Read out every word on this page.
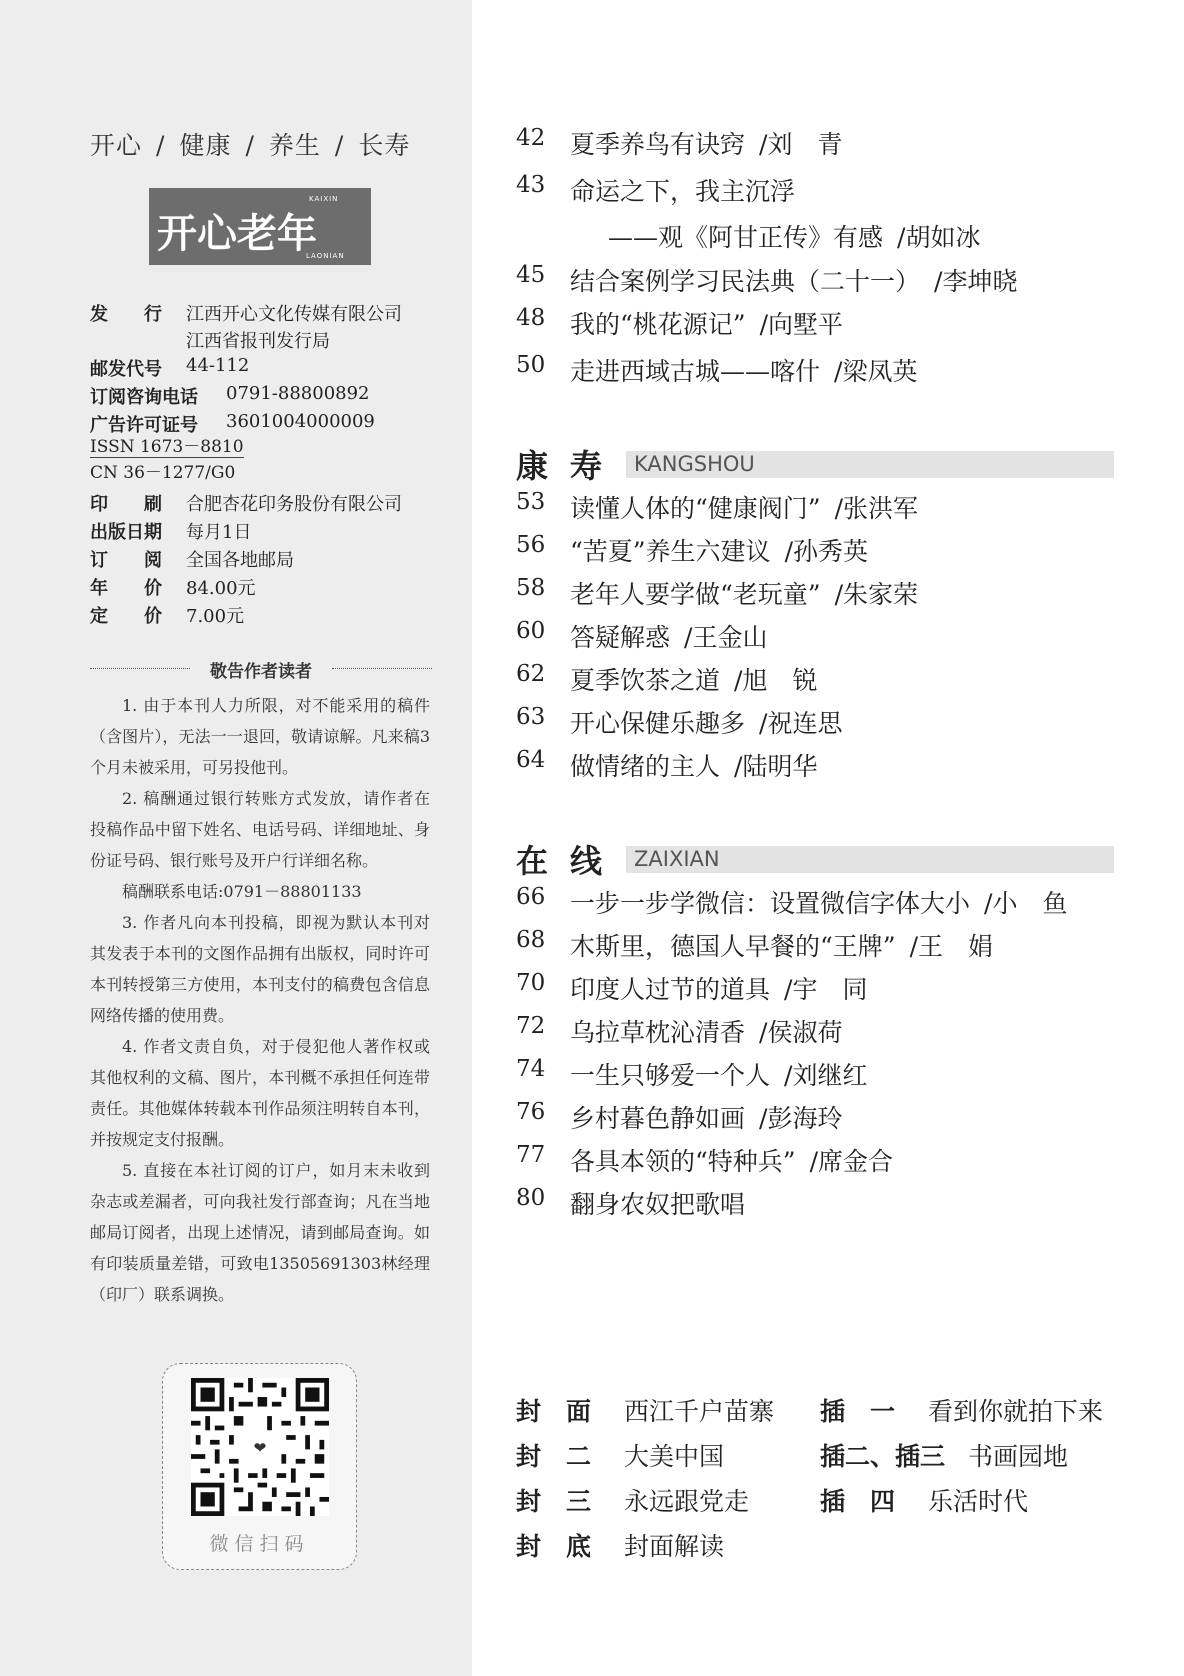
开心 / 健康 / 养生 / 长寿
KAIXIN
开心老年
LAONIAN
发　　行 江西开心文化传媒有限公司
江西省报刊发行局
邮发代号 44-112
订阅咨询电话 0791-88800892
广告许可证号 3601004000009
ISSN 1673－8810
CN 36－1277/G0
印　　刷 合肥杏花印务股份有限公司
出版日期 每月1日
订　　阅 全国各地邮局
年　　价 84.00元
定　　价 7.00元
敬告作者读者

1. 由于本刊人力所限，对不能采用的稿件（含图片），无法一一退回，敬请谅解。凡来稿3个月未被采用，可另投他刊。

2. 稿酬通过银行转账方式发放，请作者在投稿作品中留下姓名、电话号码、详细地址、身份证号码、银行账号及开户行详细名称。

稿酬联系电话:0791－88801133

3. 作者凡向本刊投稿，即视为默认本刊对其发表于本刊的文图作品拥有出版权，同时许可本刊转授第三方使用，本刊支付的稿费包含信息网络传播的使用费。

4. 作者文责自负，对于侵犯他人著作权或其他权利的文稿、图片，本刊概不承担任何连带责任。其他媒体转载本刊作品须注明转自本刊，并按规定支付报酬。

5. 直接在本社订阅的订户，如月末未收到杂志或差漏者，可向我社发行部查询；凡在当地邮局订阅者，出现上述情况，请到邮局查询。如有印装质量差错，可致电13505691303林经理（印厂）联系调换。

❤
微信扫码
42 夏季养鸟有诀窍 /刘　青
43 命运之下，我主沉浮
——观《阿甘正传》有感 /胡如冰
45 结合案例学习民法典（二十一） /李坤晓
48 我的“桃花源记” /向墅平
50 走进西域古城——喀什 /梁凤英
康寿 KANGSHOU
53 读懂人体的“健康阀门” /张洪军
56 “苦夏”养生六建议 /孙秀英
58 老年人要学做“老玩童” /朱家荣
60 答疑解惑 /王金山
62 夏季饮茶之道 /旭　锐
63 开心保健乐趣多 /祝连思
64 做情绪的主人 /陆明华
在线 ZAIXIAN
66 一步一步学微信：设置微信字体大小 /小　鱼
68 木斯里，德国人早餐的“王牌” /王　娟
70 印度人过节的道具 /宇　同
72 乌拉草枕沁清香 /侯淑荷
74 一生只够爱一个人 /刘继红
76 乡村暮色静如画 /彭海玲
77 各具本领的“特种兵” /席金合
80 翻身农奴把歌唱
封　面 西江千户苗寨 插　一 看到你就拍下来
封　二 大美中国	插二、插三 书画园地
封　三 永远跟党走	插　四 乐活时代
封　底 封面解读
